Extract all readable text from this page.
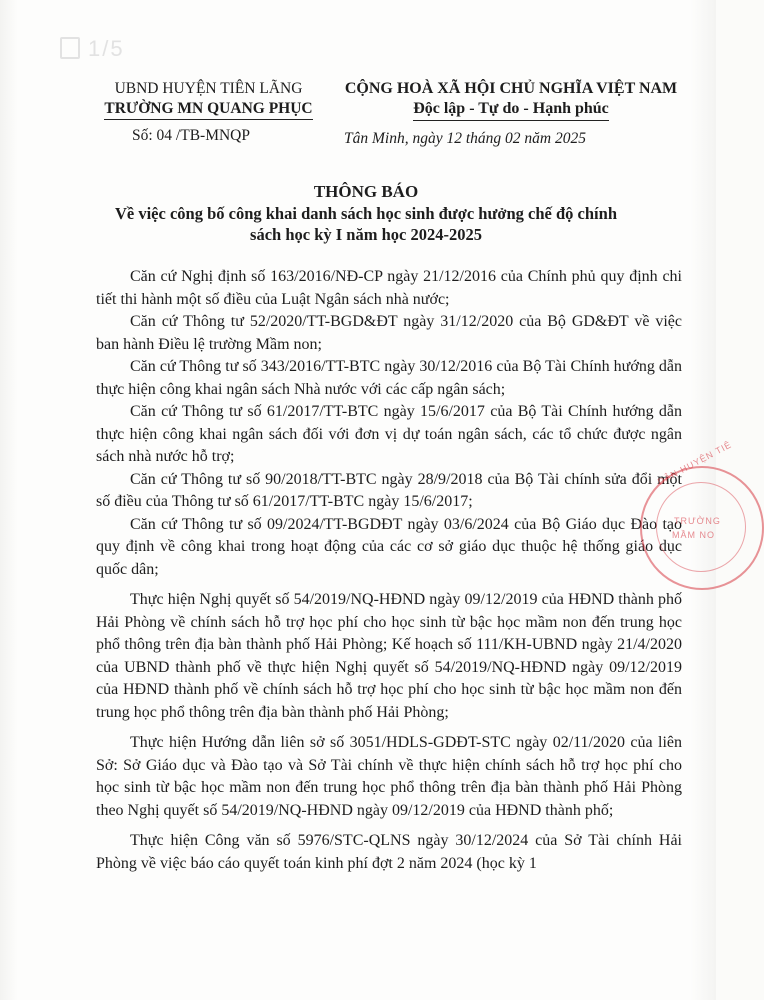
1/5
UBND HUYỆN TIÊN LÃNG
TRƯỜNG MN QUANG PHỤC
Số: 04 /TB-MNQP
CỘNG HOÀ XÃ HỘI CHỦ NGHĨA VIỆT NAM
Độc lập - Tự do - Hạnh phúc
Tân Minh, ngày 12 tháng 02 năm 2025
THÔNG BÁO
Về việc công bố công khai danh sách học sinh được hưởng chế độ chính
sách học kỳ I năm học 2024-2025

Căn cứ Nghị định số 163/2016/NĐ-CP ngày 21/12/2016 của Chính phủ quy định chi tiết thi hành một số điều của Luật Ngân sách nhà nước;

Căn cứ Thông tư 52/2020/TT-BGD&ĐT ngày 31/12/2020 của Bộ GD&ĐT về việc ban hành Điều lệ trường Mầm non;

Căn cứ Thông tư số 343/2016/TT-BTC ngày 30/12/2016 của Bộ Tài Chính hướng dẫn thực hiện công khai ngân sách Nhà nước với các cấp ngân sách;

Căn cứ Thông tư số 61/2017/TT-BTC ngày 15/6/2017 của Bộ Tài Chính hướng dẫn thực hiện công khai ngân sách đối với đơn vị dự toán ngân sách, các tổ chức được ngân sách nhà nước hỗ trợ;

Căn cứ Thông tư số 90/2018/TT-BTC ngày 28/9/2018 của Bộ Tài chính sửa đổi một số điều của Thông tư số 61/2017/TT-BTC ngày 15/6/2017;

Căn cứ Thông tư số 09/2024/TT-BGDĐT ngày 03/6/2024 của Bộ Giáo dục Đào tạo quy định về công khai trong hoạt động của các cơ sở giáo dục thuộc hệ thống giáo dục quốc dân;

Thực hiện Nghị quyết số 54/2019/NQ-HĐND ngày 09/12/2019 của HĐND thành phố Hải Phòng về chính sách hỗ trợ học phí cho học sinh từ bậc học mầm non đến trung học phổ thông trên địa bàn thành phố Hải Phòng; Kế hoạch số 111/KH-UBND ngày 21/4/2020 của UBND thành phố về thực hiện Nghị quyết số 54/2019/NQ-HĐND ngày 09/12/2019 của HĐND thành phố về chính sách hỗ trợ học phí cho học sinh từ bậc học mầm non đến trung học phổ thông trên địa bàn thành phố Hải Phòng;

Thực hiện Hướng dẫn liên sở số 3051/HDLS-GDĐT-STC ngày 02/11/2020 của liên Sở: Sở Giáo dục và Đào tạo và Sở Tài chính về thực hiện chính sách hỗ trợ học phí cho học sinh từ bậc học mầm non đến trung học phổ thông trên địa bàn thành phố Hải Phòng theo Nghị quyết số 54/2019/NQ-HĐND ngày 09/12/2019 của HĐND thành phố;

Thực hiện Công văn số 5976/STC-QLNS ngày 30/12/2024 của Sở Tài chính Hải Phòng về việc báo cáo quyết toán kinh phí đợt 2 năm 2024 (học kỳ 1

DÂN HUYỆN TIÊ
TRƯỜNG
MẦM NO
